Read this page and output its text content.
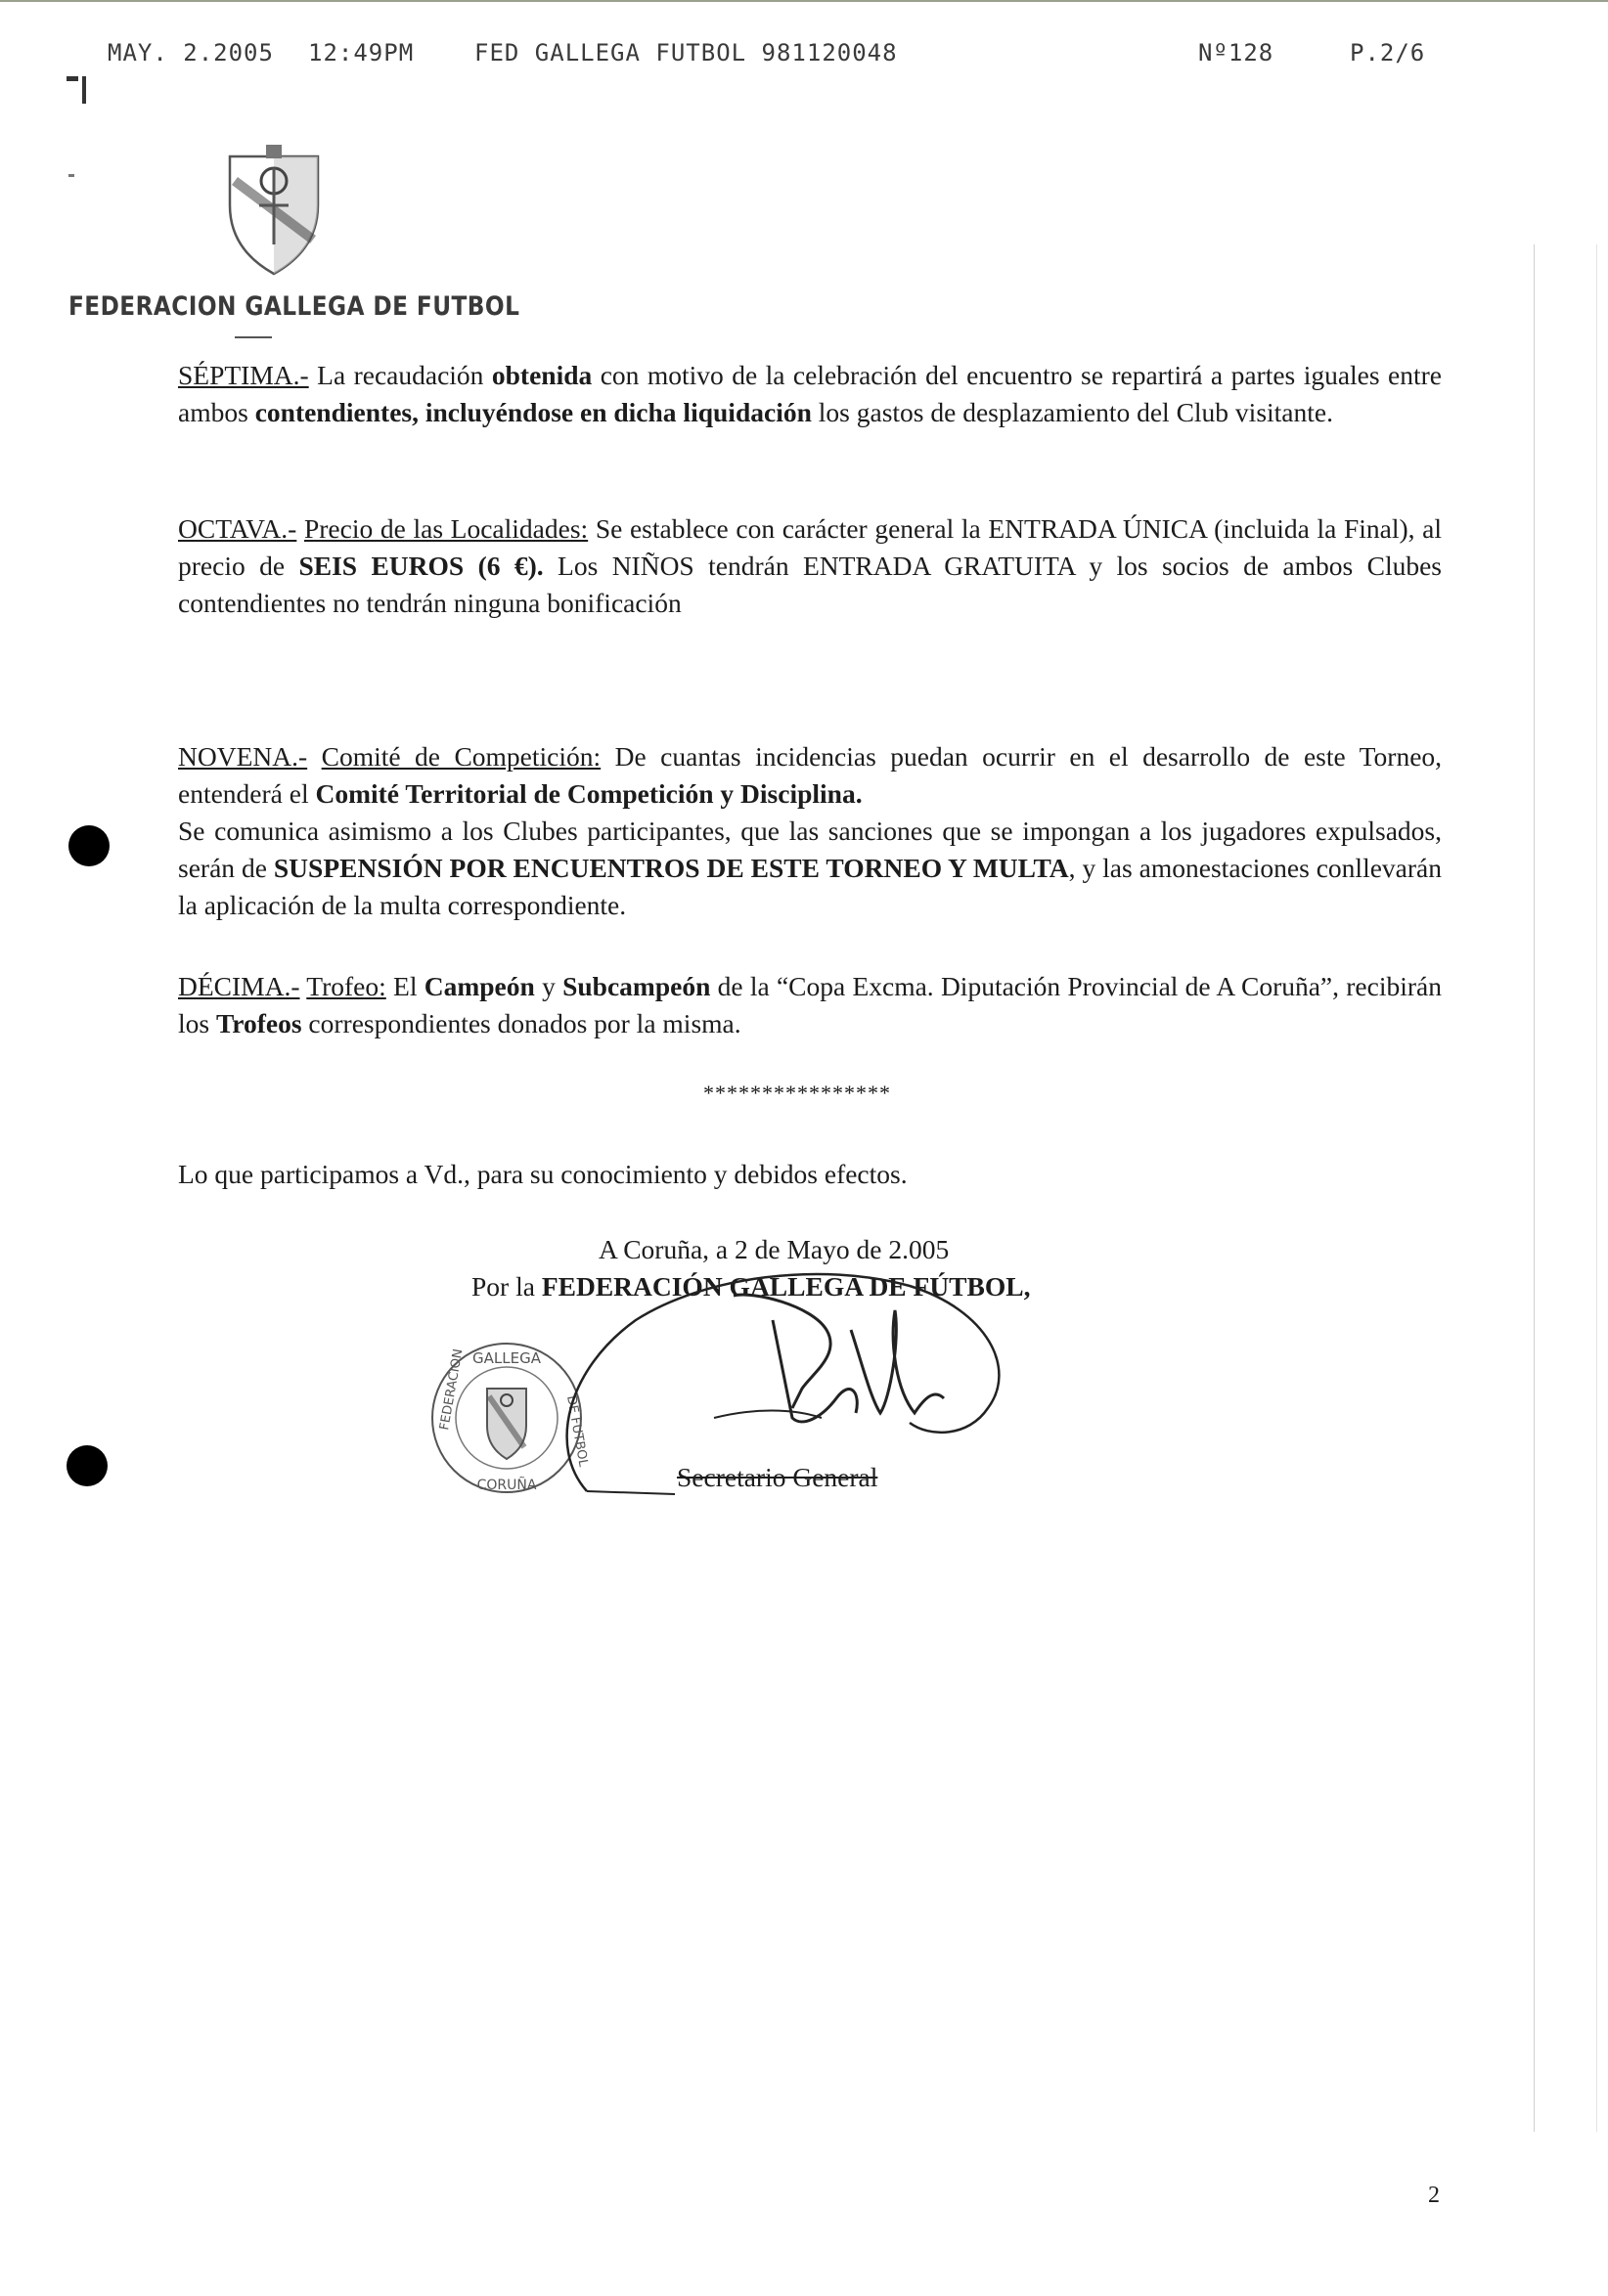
MAY. 2.2005 12:49PM	FED GALLEGA FUTBOL 981120048	Nº128	P.2/6
FEDERACION GALLEGA DE FUTBOL
SÉPTIMA.- La recaudación obtenida con motivo de la celebración del encuentro se repartirá a partes iguales entre ambos contendientes, incluyéndose en dicha liquidación los gastos de desplazamiento del Club visitante.
OCTAVA.- Precio de las Localidades: Se establece con carácter general la ENTRADA ÚNICA (incluida la Final), al precio de SEIS EUROS (6 €). Los NIÑOS tendrán ENTRADA GRATUITA y los socios de ambos Clubes contendientes no tendrán ninguna bonificación
NOVENA.- Comité de Competición: De cuantas incidencias puedan ocurrir en el desarrollo de este Torneo, entenderá el Comité Territorial de Competición y Disciplina.
Se comunica asimismo a los Clubes participantes, que las sanciones que se impongan a los jugadores expulsados, serán de SUSPENSIÓN POR ENCUENTROS DE ESTE TORNEO Y MULTA, y las amonestaciones conllevarán la aplicación de la multa correspondiente.
DÉCIMA.- Trofeo: El Campeón y Subcampeón de la “Copa Excma. Diputación Provincial de A Coruña”, recibirán los Trofeos correspondientes donados por la misma.
****************
Lo que participamos a Vd., para su conocimiento y debidos efectos.
A Coruña, a 2 de Mayo de 2.005
Por la FEDERACIÓN GALLEGA DE FÚTBOL,
GALLEGA
CORUÑA
FEDERACION	DE FUTBOL
Secretario General
2
